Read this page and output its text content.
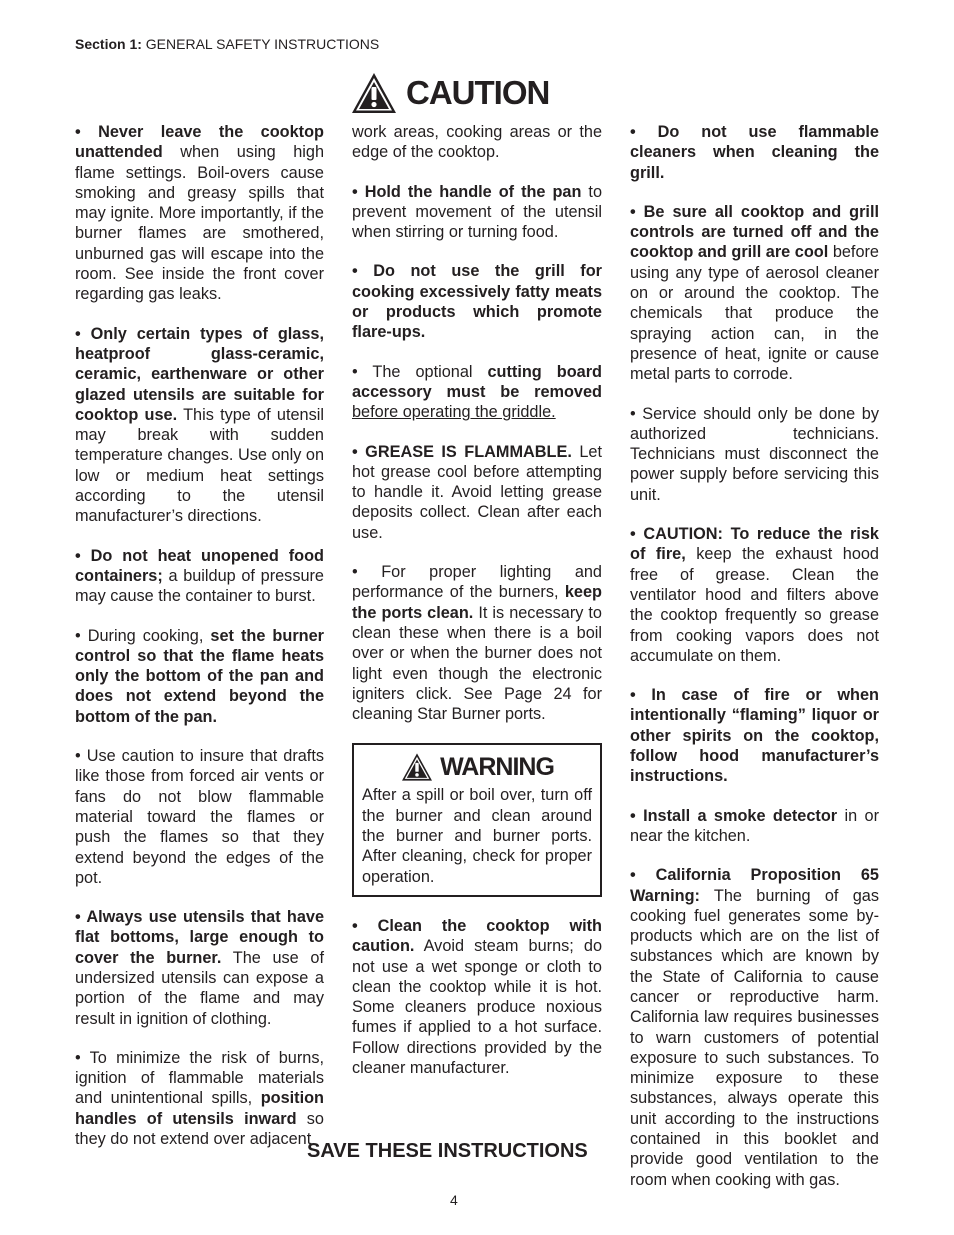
Section 1: GENERAL SAFETY INSTRUCTIONS
CAUTION

• Never leave the cooktop unattended when using high flame settings. Boil-overs cause smoking and greasy spills that may ignite. More importantly, if the burner flames are smothered, unburned gas will escape into the room. See inside the front cover regarding gas leaks.

• Only certain types of glass, heatproof glass-ceramic, ceramic, earthenware or other glazed utensils are suitable for cooktop use. This type of utensil may break with sudden temperature changes. Use only on low or medium heat settings according to the utensil manufacturer’s directions.

• Do not heat unopened food containers; a buildup of pressure may cause the container to burst.

• During cooking, set the burner control so that the flame heats only the bottom of the pan and does not extend beyond the bottom of the pan.

• Use caution to insure that drafts like those from forced air vents or fans do not blow flammable material toward the flames or push the flames so that they extend beyond the edges of the pot.

• Always use utensils that have flat bottoms, large enough to cover the burner. The use of undersized utensils can expose a portion of the flame and may result in ignition of clothing.

• To minimize the risk of burns, ignition of flammable materials and unintentional spills, position handles of utensils inward so they do not extend over adjacent

work areas, cooking areas or the edge of the cooktop.

• Hold the handle of the pan to prevent movement of the utensil when stirring or turning food.

• Do not use the grill for cooking excessively fatty meats or products which promote flare-ups.

• The optional cutting board accessory must be removed before operating the griddle.

• GREASE IS FLAMMABLE. Let hot grease cool before attempting to handle it. Avoid letting grease deposits collect. Clean after each use.

• For proper lighting and performance of the burners, keep the ports clean. It is necessary to clean these when there is a boil over or when the burner does not light even though the electronic igniters click. See Page 24 for cleaning Star Burner ports.

WARNING
After a spill or boil over, turn off the burner and clean around the burner and burner ports. After cleaning, check for proper operation.

• Clean the cooktop with caution. Avoid steam burns; do not use a wet sponge or cloth to clean the cooktop while it is hot. Some cleaners produce noxious fumes if applied to a hot surface. Follow directions provided by the cleaner manufacturer.

• Do not use flammable cleaners when cleaning the grill.

• Be sure all cooktop and grill controls are turned off and the cooktop and grill are cool before using any type of aerosol cleaner on or around the cooktop. The chemicals that produce the spraying action can, in the presence of heat, ignite or cause metal parts to corrode.

• Service should only be done by authorized technicians. Technicians must disconnect the power supply before servicing this unit.

• CAUTION: To reduce the risk of fire, keep the exhaust hood free of grease. Clean the ventilator hood and filters above the cooktop frequently so grease from cooking vapors does not accumulate on them.

• In case of fire or when intentionally “flaming” liquor or other spirits on the cooktop, follow hood manufacturer’s instructions.

• Install a smoke detector in or near the kitchen.

• California Proposition 65 Warning: The burning of gas cooking fuel generates some by-products which are on the list of substances which are known by the State of California to cause cancer or reproductive harm. California law requires businesses to warn customers of potential exposure to such substances. To minimize exposure to these substances, always operate this unit according to the instructions contained in this booklet and provide good ventilation to the room when cooking with gas.

SAVE THESE INSTRUCTIONS
4
